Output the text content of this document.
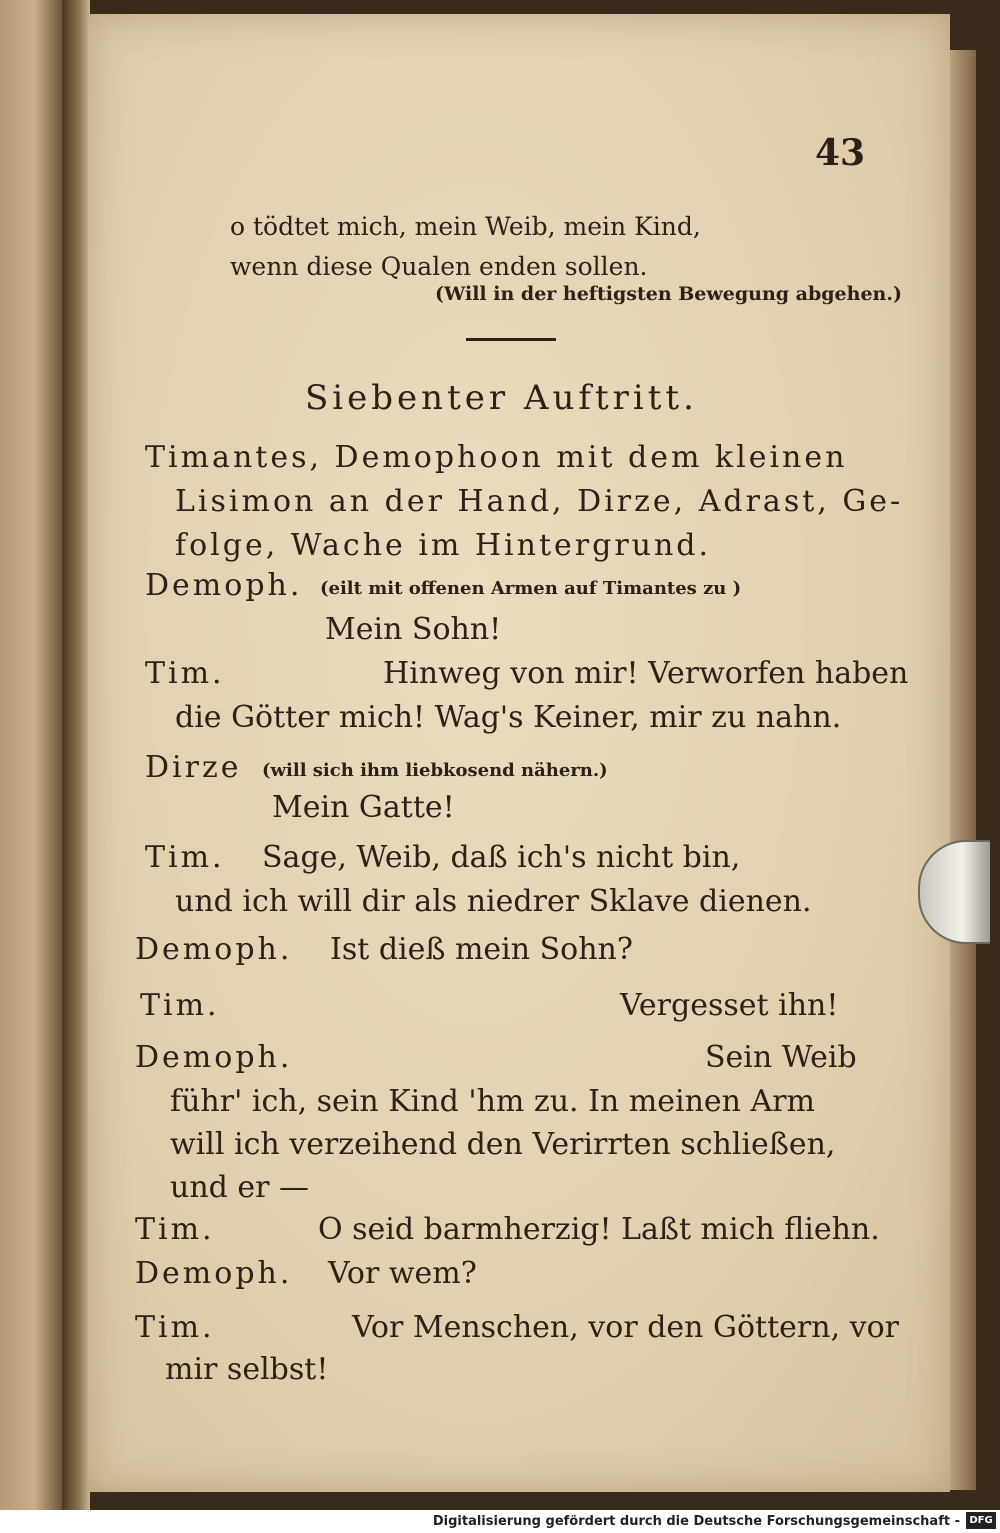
43
o tödtet mich, mein Weib, mein Kind,
wenn diese Qualen enden sollen.
(Will in der heftigsten Bewegung abgehen.)
Siebenter Auftritt.
Timantes, Demophoon mit dem kleinen
Lisimon an der Hand, Dirze, Adrast, Ge-
folge, Wache im Hintergrund.
Demoph. (eilt mit offenen Armen auf Timantes zu )
Mein Sohn!
Tim.	Hinweg von mir! Verworfen haben
die Götter mich! Wag's Keiner, mir zu nahn.
Dirze (will sich ihm liebkosend nähern.)
Mein Gatte!
Tim. Sage, Weib, daß ich's nicht bin,
und ich will dir als niedrer Sklave dienen.
Demoph. Ist dieß mein Sohn?
Tim.	Vergesset ihn!
Demoph.	Sein Weib
führ' ich, sein Kind 'hm zu. In meinen Arm
will ich verzeihend den Verirrten schließen,
und er —
Tim.	O seid barmherzig! Laßt mich fliehn.
Demoph. Vor wem?
Tim.	Vor Menschen, vor den Göttern, vor
mir selbst!
Digitalisierung gefördert durch die Deutsche Forschungsgemeinschaft - DFG
